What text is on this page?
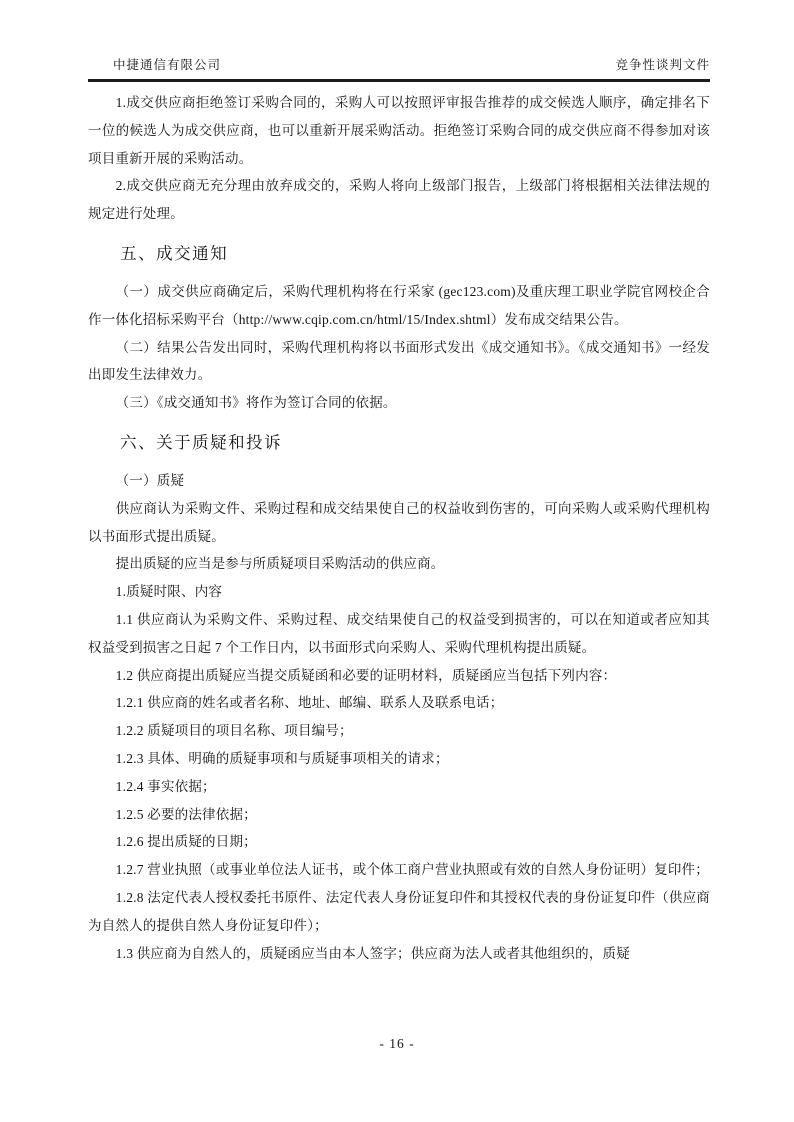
中捷通信有限公司	竞争性谈判文件

1.成交供应商拒绝签订采购合同的，采购人可以按照评审报告推荐的成交候选人顺序，确定排名下一位的候选人为成交供应商，也可以重新开展采购活动。拒绝签订采购合同的成交供应商不得参加对该项目重新开展的采购活动。

2.成交供应商无充分理由放弃成交的，采购人将向上级部门报告，上级部门将根据相关法律法规的规定进行处理。

五、成交通知

（一）成交供应商确定后，采购代理机构将在行采家 (gec123.com)及重庆理工职业学院官网校企合作一体化招标采购平台（http://www.cqip.com.cn/html/15/Index.shtml）发布成交结果公告。

（二）结果公告发出同时，采购代理机构将以书面形式发出《成交通知书》。《成交通知书》一经发出即发生法律效力。

（三）《成交通知书》将作为签订合同的依据。

六、关于质疑和投诉

（一）质疑

供应商认为采购文件、采购过程和成交结果使自己的权益收到伤害的，可向采购人或采购代理机构以书面形式提出质疑。

提出质疑的应当是参与所质疑项目采购活动的供应商。

1.质疑时限、内容

1.1 供应商认为采购文件、采购过程、成交结果使自己的权益受到损害的，可以在知道或者应知其权益受到损害之日起 7 个工作日内，以书面形式向采购人、采购代理机构提出质疑。

1.2 供应商提出质疑应当提交质疑函和必要的证明材料，质疑函应当包括下列内容：

1.2.1 供应商的姓名或者名称、地址、邮编、联系人及联系电话；

1.2.2 质疑项目的项目名称、项目编号；

1.2.3 具体、明确的质疑事项和与质疑事项相关的请求；

1.2.4 事实依据；

1.2.5 必要的法律依据；

1.2.6 提出质疑的日期；

1.2.7 营业执照（或事业单位法人证书，或个体工商户营业执照或有效的自然人身份证明）复印件；

1.2.8 法定代表人授权委托书原件、法定代表人身份证复印件和其授权代表的身份证复印件（供应商为自然人的提供自然人身份证复印件）；

1.3 供应商为自然人的，质疑函应当由本人签字；供应商为法人或者其他组织的，质疑

- 16 -
